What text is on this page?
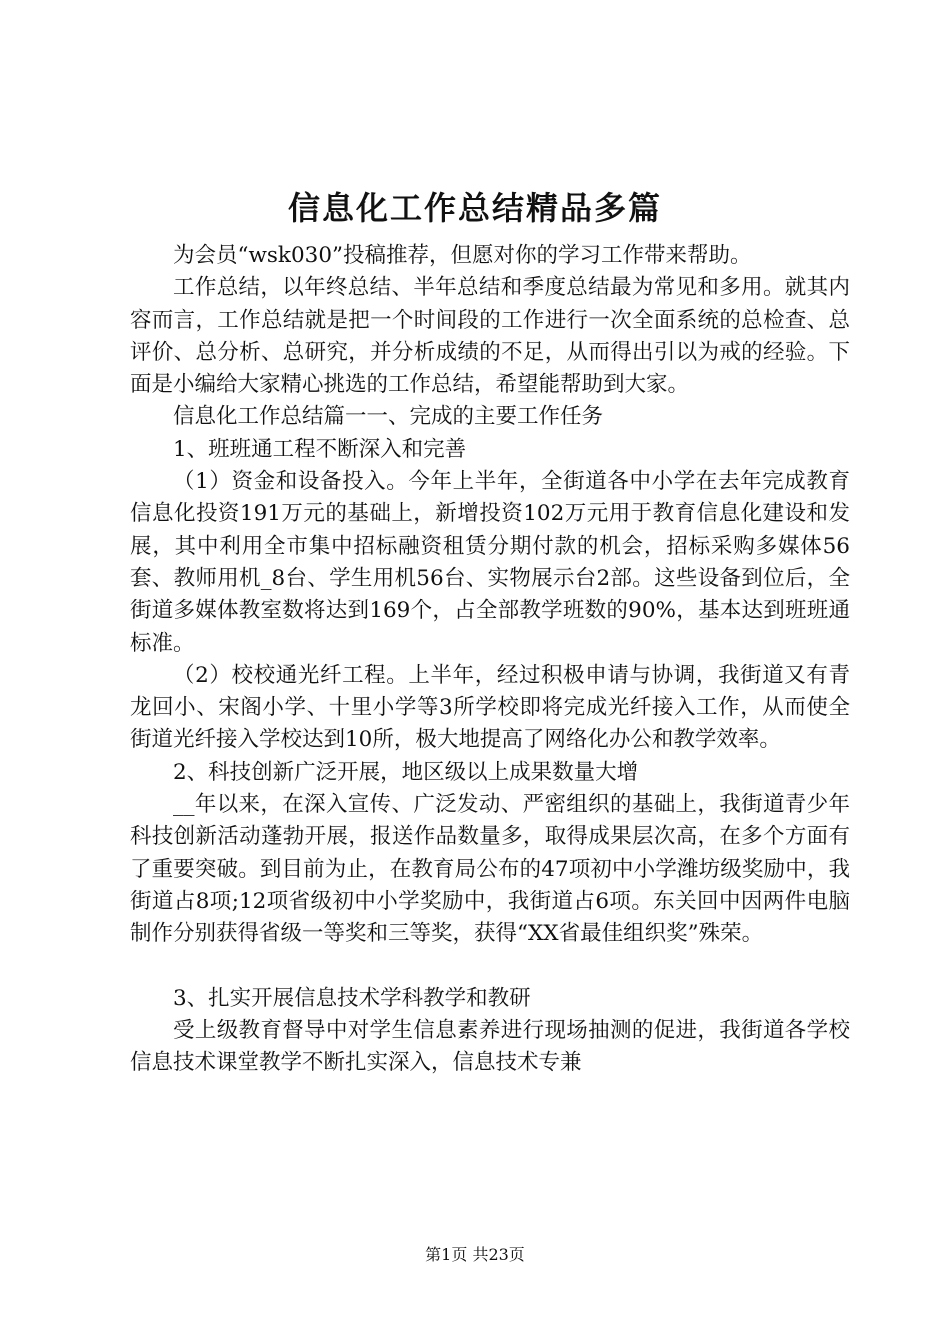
信息化工作总结精品多篇

为会员“wsk030”投稿推荐，但愿对你的学习工作带来帮助。

工作总结，以年终总结、半年总结和季度总结最为常见和多用。就其内容而言，工作总结就是把一个时间段的工作进行一次全面系统的总检查、总评价、总分析、总研究，并分析成绩的不足，从而得出引以为戒的经验。下面是小编给大家精心挑选的工作总结，希望能帮助到大家。

信息化工作总结篇一一、完成的主要工作任务

1、班班通工程不断深入和完善

（1）资金和设备投入。今年上半年，全街道各中小学在去年完成教育信息化投资191万元的基础上，新增投资102万元用于教育信息化建设和发展，其中利用全市集中招标融资租赁分期付款的机会，招标采购多媒体56套、教师用机_8台、学生用机56台、实物展示台2部。这些设备到位后，全街道多媒体教室数将达到169个，占全部教学班数的90%，基本达到班班通标准。

（2）校校通光纤工程。上半年，经过积极申请与协调，我街道又有青龙回小、宋阁小学、十里小学等3所学校即将完成光纤接入工作，从而使全街道光纤接入学校达到10所，极大地提高了网络化办公和教学效率。

2、科技创新广泛开展，地区级以上成果数量大增

__年以来，在深入宣传、广泛发动、严密组织的基础上，我街道青少年科技创新活动蓬勃开展，报送作品数量多，取得成果层次高，在多个方面有了重要突破。到目前为止，在教育局公布的47项初中小学潍坊级奖励中，我街道占8项;12项省级初中小学奖励中，我街道占6项。东关回中因两件电脑制作分别获得省级一等奖和三等奖，获得“XX省最佳组织奖”殊荣。

3、扎实开展信息技术学科教学和教研

受上级教育督导中对学生信息素养进行现场抽测的促进，我街道各学校信息技术课堂教学不断扎实深入，信息技术专兼

第1页 共23页
